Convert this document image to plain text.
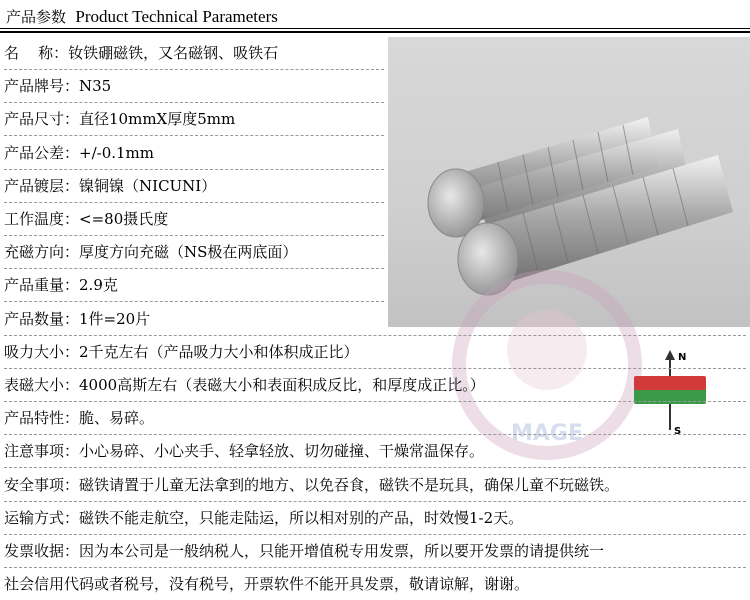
产品参数 Product Technical Parameters
MAGE
N
S
名    称：钕铁硼磁铁，又名磁钢、吸铁石
产品牌号：N35
产品尺寸：直径10mmX厚度5mm
产品公差：+/-0.1mm
产品镀层：镍铜镍（NICUNI）
工作温度：<=80摄氏度
充磁方向：厚度方向充磁（NS极在两底面）
产品重量：2.9克
产品数量：1件=20片
吸力大小：2千克左右（产品吸力大小和体积成正比）
表磁大小：4000高斯左右（表磁大小和表面积成反比，和厚度成正比。）
产品特性：脆、易碎。
注意事项：小心易碎、小心夹手、轻拿轻放、切勿碰撞、干燥常温保存。
安全事项：磁铁请置于儿童无法拿到的地方、以免吞食，磁铁不是玩具，确保儿童不玩磁铁。
运输方式：磁铁不能走航空，只能走陆运，所以相对别的产品，时效慢1-2天。
发票收据：因为本公司是一般纳税人，只能开增值税专用发票，所以要开发票的请提供统一
社会信用代码或者税号，没有税号，开票软件不能开具发票，敬请谅解，谢谢。
